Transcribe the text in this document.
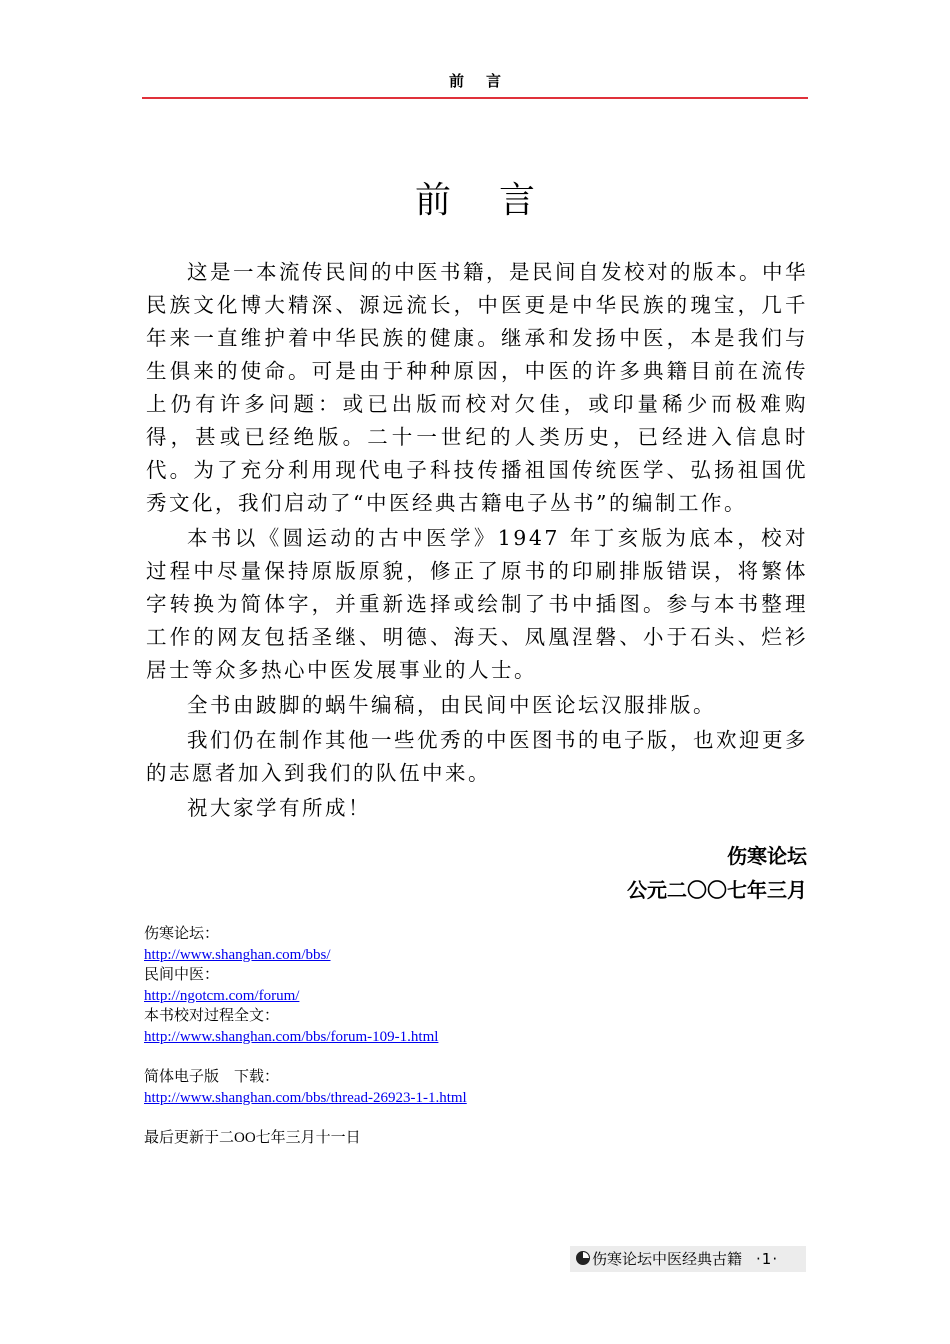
前言
前言

这是一本流传民间的中医书籍，是民间自发校对的版本。中华民族文化博大精深、源远流长，中医更是中华民族的瑰宝，几千年来一直维护着中华民族的健康。继承和发扬中医，本是我们与生俱来的使命。可是由于种种原因，中医的许多典籍目前在流传上仍有许多问题：或已出版而校对欠佳，或印量稀少而极难购得，甚或已经绝版。二十一世纪的人类历史，已经进入信息时代。为了充分利用现代电子科技传播祖国传统医学、弘扬祖国优秀文化，我们启动了“中医经典古籍电子丛书”的编制工作。

本书以《圆运动的古中医学》1947 年丁亥版为底本，校对过程中尽量保持原版原貌，修正了原书的印刷排版错误，将繁体字转换为简体字，并重新选择或绘制了书中插图。参与本书整理工作的网友包括圣继、明德、海天、凤凰涅磐、小于石头、烂衫居士等众多热心中医发展事业的人士。

全书由跛脚的蜗牛编稿，由民间中医论坛汉服排版。

我们仍在制作其他一些优秀的中医图书的电子版，也欢迎更多的志愿者加入到我们的队伍中来。

祝大家学有所成！

伤寒论坛
公元二〇〇七年三月
伤寒论坛：
http://www.shanghan.com/bbs/
民间中医：
http://ngotcm.com/forum/
本书校对过程全文：
http://www.shanghan.com/bbs/forum-109-1.html
简体电子版　下载：
http://www.shanghan.com/bbs/thread-26923-1-1.html
最后更新于二OO七年三月十一日
伤寒论坛中医经典古籍 ·1·
